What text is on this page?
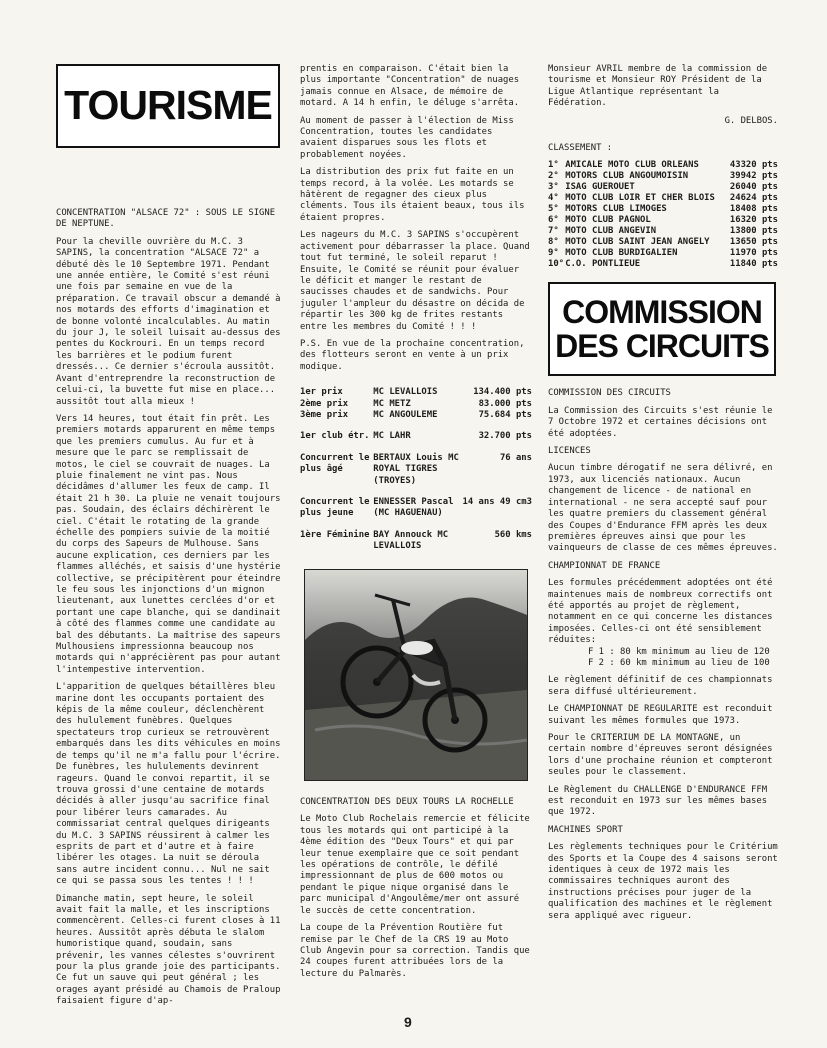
TOURISME

CONCENTRATION "ALSACE 72" : SOUS LE SIGNE DE NEPTUNE.

Pour la cheville ouvrière du M.C. 3 SAPINS, la concentration "ALSACE 72" a débuté dès le 10 Septembre 1971. Pendant une année entière, le Comité s'est réuni une fois par semaine en vue de la préparation. Ce travail obscur a demandé à nos motards des efforts d'imagination et de bonne volonté incalculables. Au matin du jour J, le soleil luisait au-dessus des pentes du Kockrouri. En un temps record les barrières et le podium furent dressés... Ce dernier s'écroula aussitôt. Avant d'entreprendre la reconstruction de celui-ci, la buvette fut mise en place... aussitôt tout alla mieux !

Vers 14 heures, tout était fin prêt. Les premiers motards apparurent en même temps que les premiers cumulus. Au fur et à mesure que le parc se remplissait de motos, le ciel se couvrait de nuages. La pluie finalement ne vint pas. Nous décidâmes d'allumer les feux de camp. Il était 21 h 30. La pluie ne venait toujours pas. Soudain, des éclairs déchirèrent le ciel. C'était le rotating de la grande échelle des pompiers suivie de la moitié du corps des Sapeurs de Mulhouse. Sans aucune explication, ces derniers par les flammes alléchés, et saisis d'une hystérie collective, se précipitèrent pour éteindre le feu sous les injonctions d'un mignon lieutenant, aux lunettes cerclées d'or et portant une cape blanche, qui se dandinait à côté des flammes comme une candidate au bal des débutants. La maîtrise des sapeurs Mulhousiens impressionna beaucoup nos motards qui n'apprécièrent pas pour autant l'intempestive intervention.

L'apparition de quelques bétaillères bleu marine dont les occupants portaient des képis de la même couleur, déclenchèrent des hululement funèbres. Quelques spectateurs trop curieux se retrouvèrent embarqués dans les dits véhicules en moins de temps qu'il ne m'a fallu pour l'écrire. De funèbres, les hululements devinrent rageurs. Quand le convoi repartit, il se trouva grossi d'une centaine de motards décidés à aller jusqu'au sacrifice final pour libérer leurs camarades. Au commissariat central quelques dirigeants du M.C. 3 SAPINS réussirent à calmer les esprits de part et d'autre et à faire libérer les otages. La nuit se déroula sans autre incident connu... Nul ne sait ce qui se passa sous les tentes ! ! !

Dimanche matin, sept heure, le soleil avait fait la malle, et les inscriptions commencèrent. Celles-ci furent closes à 11 heures. Aussitôt après débuta le slalom humoristique quand, soudain, sans prévenir, les vannes célestes s'ouvrirent pour la plus grande joie des participants. Ce fut un sauve qui peut général ; les orages ayant présidé au Chamois de Praloup faisaient figure d'ap-

prentis en comparaison. C'était bien la plus importante "Concentration" de nuages jamais connue en Alsace, de mémoire de motard. A 14 h enfin, le déluge s'arrêta.

Au moment de passer à l'élection de Miss Concentration, toutes les candidates avaient disparues sous les flots et probablement noyées.

La distribution des prix fut faite en un temps record, à la volée. Les motards se hâtèrent de regagner des cieux plus cléments. Tous ils étaient beaux, tous ils étaient propres.

Les nageurs du M.C. 3 SAPINS s'occupèrent activement pour débarrasser la place. Quand tout fut terminé, le soleil reparut ! Ensuite, le Comité se réunit pour évaluer le déficit et manger le restant de saucisses chaudes et de sandwichs. Pour juguler l'ampleur du désastre on décida de répartir les 300 kg de frites restants entre les membres du Comité ! ! !

P.S. En vue de la prochaine concentration, des flotteurs seront en vente à un prix modique.

1er prix	MC LEVALLOIS	134.400 pts
2ème prix	MC METZ	83.000 pts
3ème prix	MC ANGOULEME	75.684 pts
1er club étr.	MC LAHR	32.700 pts
Concurrent le plus âgé	BERTAUX Louis MC ROYAL TIGRES (TROYES)	76 ans
Concurrent le plus jeune	ENNESSER Pascal (MC HAGUENAU)	14 ans 49 cm3
1ère Féminine	BAY Annouck MC LEVALLOIS	560 kms

CONCENTRATION DES DEUX TOURS LA ROCHELLE

Le Moto Club Rochelais remercie et félicite tous les motards qui ont participé à la 4ème édition des "Deux Tours" et qui par leur tenue exemplaire que ce soit pendant les opérations de contrôle, le défilé impressionnant de plus de 600 motos ou pendant le pique nique organisé dans le parc municipal d'Angoulême/mer ont assuré le succès de cette concentration.

La coupe de la Prévention Routière fut remise par le Chef de la CRS 19 au Moto Club Angevin pour sa correction. Tandis que 24 coupes furent attribuées lors de la lecture du Palmarès.

Monsieur AVRIL membre de la commission de tourisme et Monsieur ROY Président de la Ligue Atlantique représentant la Fédération.

G. DELBOS.

CLASSEMENT :

1°	AMICALE MOTO CLUB ORLEANS	43320 pts
2°	MOTORS CLUB ANGOUMOISIN	39942 pts
3°	ISAG GUEROUET	26040 pts
4°	MOTO CLUB LOIR ET CHER BLOIS	24624 pts
5°	MOTORS CLUB LIMOGES	18408 pts
6°	MOTO CLUB PAGNOL	16320 pts
7°	MOTO CLUB ANGEVIN	13800 pts
8°	MOTO CLUB SAINT JEAN ANGELY	13650 pts
9°	MOTO CLUB BURDIGALIEN	11970 pts
10°	C.O. PONTLIEUE	11840 pts
COMMISSION DES CIRCUITS

COMMISSION DES CIRCUITS

La Commission des Circuits s'est réunie le 7 Octobre 1972 et certaines décisions ont été adoptées.

LICENCES

Aucun timbre dérogatif ne sera délivré, en 1973, aux licenciés nationaux. Aucun changement de licence - de national en international - ne sera accepté sauf pour les quatre premiers du classement général des Coupes d'Endurance FFM après les deux premières épreuves ainsi que pour les vainqueurs de classe de ces mêmes épreuves.

CHAMPIONNAT DE FRANCE

Les formules précédemment adoptées ont été maintenues mais de nombreux correctifs ont été apportés au projet de règlement, notamment en ce qui concerne les distances imposées. Celles-ci ont été sensiblement réduites:

F 1 : 80 km minimum au lieu de 120

F 2 : 60 km minimum au lieu de 100

Le règlement définitif de ces championnats sera diffusé ultérieurement.

Le CHAMPIONNAT DE REGULARITE est reconduit suivant les mêmes formules que 1973.

Pour le CRITERIUM DE LA MONTAGNE, un certain nombre d'épreuves seront désignées lors d'une prochaine réunion et compteront seules pour le classement.

Le Règlement du CHALLENGE D'ENDURANCE FFM est reconduit en 1973 sur les mêmes bases que 1972.

MACHINES SPORT

Les règlements techniques pour le Critérium des Sports et la Coupe des 4 saisons seront identiques à ceux de 1972 mais les commissaires techniques auront des instructions précises pour juger de la qualification des machines et le règlement sera appliqué avec rigueur.

9
